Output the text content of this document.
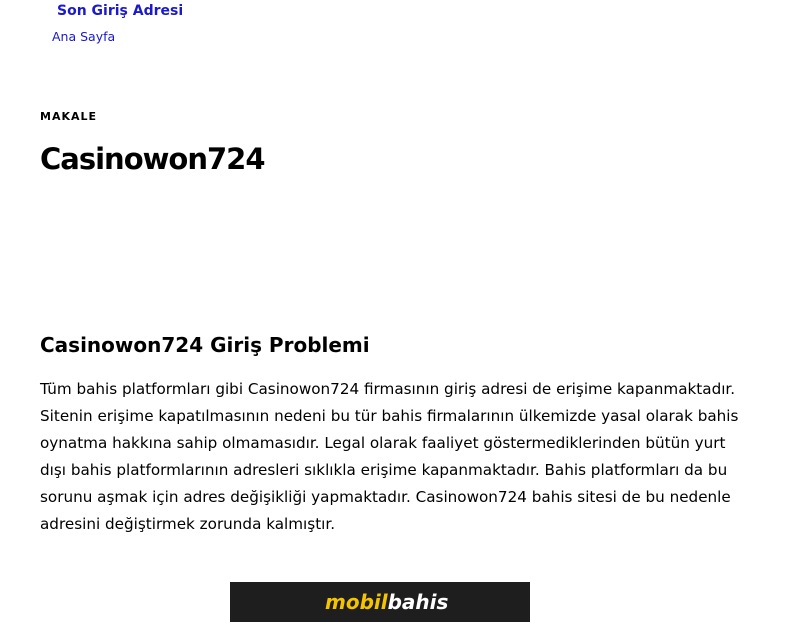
Son Giriş Adresi
Ana Sayfa
MAKALE
Casinowon724
Casinowon724 Giriş Problemi

Tüm bahis platformları gibi Casinowon724 firmasının giriş adresi de erişime kapanmaktadır. Sitenin erişime kapatılmasının nedeni bu tür bahis firmalarının ülkemizde yasal olarak bahis oynatma hakkına sahip olmamasıdır. Legal olarak faaliyet göstermediklerinden bütün yurt dışı bahis platformlarının adresleri sıklıkla erişime kapanmaktadır. Bahis platformları da bu sorunu aşmak için adres değişikliği yapmaktadır. Casinowon724 bahis sitesi de bu nedenle adresini değiştirmek zorunda kalmıştır.

mobilbahis
